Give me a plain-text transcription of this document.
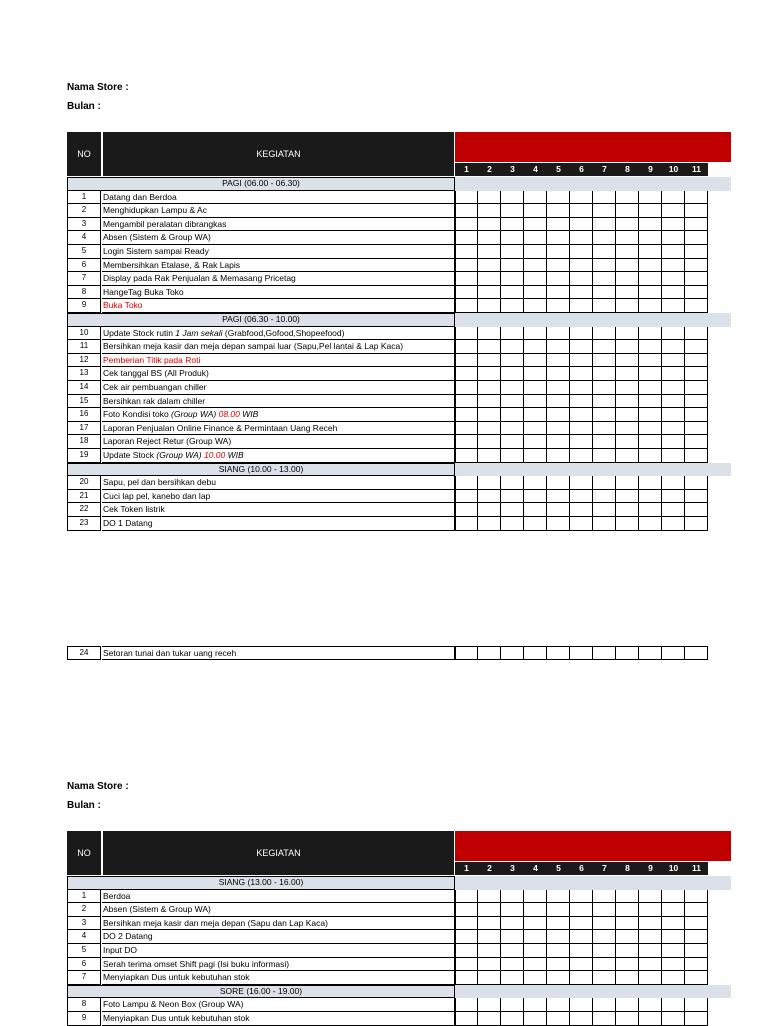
Nama Store :
Bulan :
NO	KEGIATAN
1	2	3	4	5	6	7	8	9	10	11
PAGI (06.00 - 06.30)
1	Datang dan Berdoa
2	Menghidupkan Lampu & Ac
3	Mengambil peralatan dibrangkas
4	Absen (Sistem & Group WA)
5	Login Sistem sampai Ready
6	Membersihkan Etalase, & Rak Lapis
7	Display pada Rak Penjualan & Memasang Pricetag
8	HangeTag Buka Toko
9	Buka Toko
PAGI (06.30 - 10.00)
10	Update Stock rutin 1 Jam sekali (Grabfood,Gofood,Shopeefood)
11	Bersihkan meja kasir dan meja depan sampai luar (Sapu,Pel lantai & Lap Kaca)
12	Pemberian Titik pada Roti
13	Cek tanggal BS (All Produk)
14	Cek air pembuangan chiller
15	Bersihkan rak dalam chiller
16	Foto Kondisi toko (Group WA) 08.00 WIB
17	Laporan Penjualan Online Finance & Permintaan Uang Receh
18	Laporan Reject Retur (Group WA)
19	Update Stock (Group WA) 10.00 WIB
SIANG (10.00 - 13.00)
20	Sapu, pel dan bersihkan debu
21	Cuci lap pel, kanebo dan lap
22	Cek Token listrik
23	DO 1 Datang
24	Setoran tunai dan tukar uang receh
Nama Store :
Bulan :
NO	KEGIATAN
1	2	3	4	5	6	7	8	9	10	11
SIANG (13.00 - 16.00)
1	Berdoa
2	Absen (Sistem & Group WA)
3	Bersihkan meja kasir dan meja depan (Sapu dan Lap Kaca)
4	DO 2 Datang
5	Input DO
6	Serah terima omset Shift pagi (Isi buku informasi)
7	Menyiapkan Dus untuk kebutuhan stok
SORE (16.00 - 19.00)
8	Foto Lampu & Neon Box (Group WA)
9	Menyiapkan Dus untuk kebutuhan stok
